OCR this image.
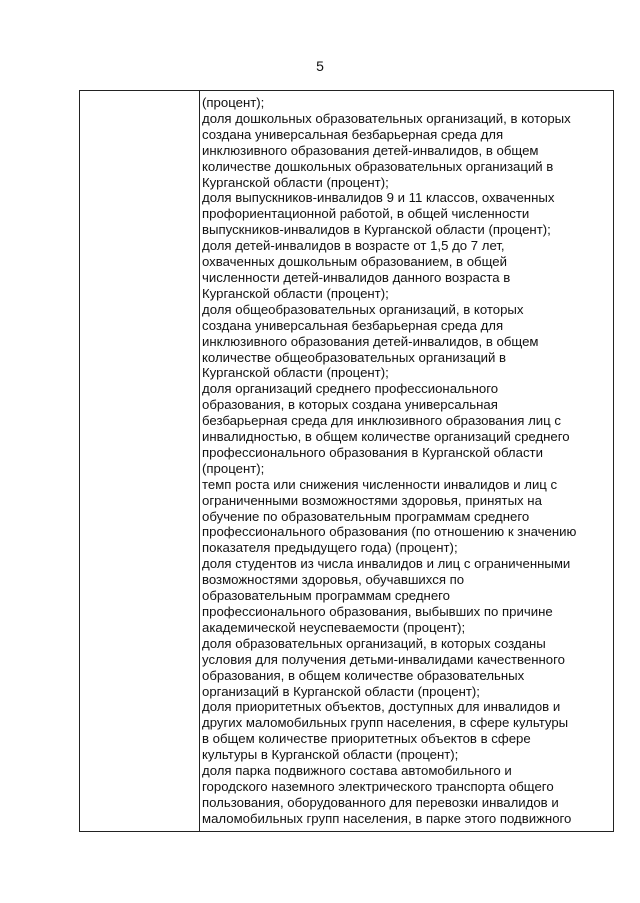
5
(процент);
доля дошкольных образовательных организаций, в которых
создана универсальная безбарьерная среда для
инклюзивного образования детей-инвалидов, в общем
количестве дошкольных образовательных организаций в
Курганской области (процент);
доля выпускников-инвалидов 9 и 11 классов, охваченных
профориентационной работой, в общей численности
выпускников-инвалидов в Курганской области (процент);
доля детей-инвалидов в возрасте от 1,5 до 7 лет,
охваченных дошкольным образованием, в общей
численности детей-инвалидов данного возраста в
Курганской области (процент);
доля общеобразовательных организаций, в которых
создана универсальная безбарьерная среда для
инклюзивного образования детей-инвалидов, в общем
количестве общеобразовательных организаций в
Курганской области (процент);
доля организаций среднего профессионального
образования, в которых создана универсальная
безбарьерная среда для инклюзивного образования лиц с
инвалидностью, в общем количестве организаций среднего
профессионального образования в Курганской области
(процент);
темп роста или снижения численности инвалидов и лиц с
ограниченными возможностями здоровья, принятых на
обучение по образовательным программам среднего
профессионального образования (по отношению к значению
показателя предыдущего года) (процент);
доля студентов из числа инвалидов и лиц с ограниченными
возможностями здоровья, обучавшихся по
образовательным программам среднего
профессионального образования, выбывших по причине
академической неуспеваемости (процент);
доля образовательных организаций, в которых созданы
условия для получения детьми-инвалидами качественного
образования, в общем количестве образовательных
организаций в Курганской области (процент);
доля приоритетных объектов, доступных для инвалидов и
других маломобильных групп населения, в сфере культуры
в общем количестве приоритетных объектов в сфере
культуры в Курганской области (процент);
доля парка подвижного состава автомобильного и
городского наземного электрического транспорта общего
пользования, оборудованного для перевозки инвалидов и
маломобильных групп населения, в парке этого подвижного
